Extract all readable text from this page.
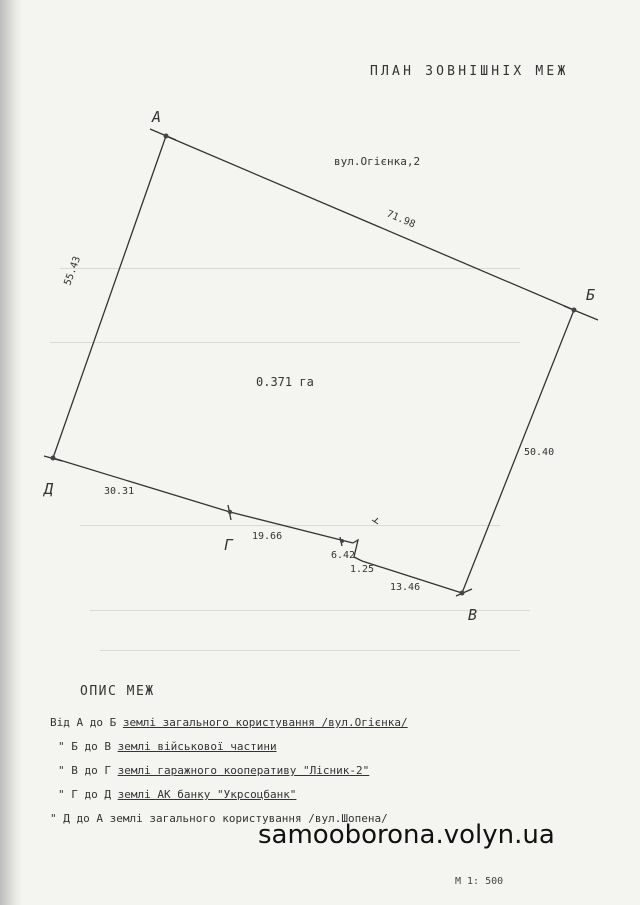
ПЛАН ЗОВНІШНІХ МЕЖ
А
Б
В
Г
Д
вул.Огієнка,2
0.371 га
71.98
50.40
55.43
30.31
19.66
6.42
1.25
13.46
ОПИС МЕЖ
Від А до Б землі загального користування /вул.Огієнка/
" Б до В землі військової частини
" В до Г землі гаражного кооперативу "Лісник-2"
" Г до Д землі АК банку "Укрсоцбанк"
" Д до А землі загального користування /вул.Шопена/
samooborona.volyn.ua
М 1: 500
